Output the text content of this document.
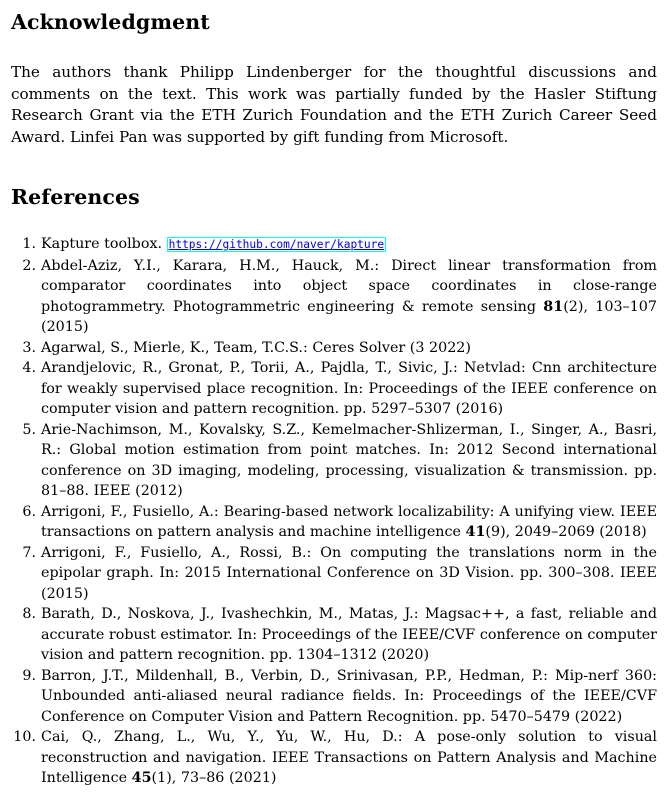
Acknowledgment

The authors thank Philipp Lindenberger for the thoughtful discussions and comments on the text. This work was partially funded by the Hasler Stiftung Research Grant via the ETH Zurich Foundation and the ETH Zurich Career Seed Award. Linfei Pan was supported by gift funding from Microsoft.

References
1. Kapture toolbox. https://github.com/naver/kapture
2. Abdel-Aziz, Y.I., Karara, H.M., Hauck, M.: Direct linear transformation from comparator coordinates into object space coordinates in close-range photogrammetry. Photogrammetric engineering & remote sensing 81(2), 103–107 (2015)
3. Agarwal, S., Mierle, K., Team, T.C.S.: Ceres Solver (3 2022)
4. Arandjelovic, R., Gronat, P., Torii, A., Pajdla, T., Sivic, J.: Netvlad: Cnn architecture for weakly supervised place recognition. In: Proceedings of the IEEE conference on computer vision and pattern recognition. pp. 5297–5307 (2016)
5. Arie-Nachimson, M., Kovalsky, S.Z., Kemelmacher-Shlizerman, I., Singer, A., Basri, R.: Global motion estimation from point matches. In: 2012 Second international conference on 3D imaging, modeling, processing, visualization & transmission. pp. 81–88. IEEE (2012)
6. Arrigoni, F., Fusiello, A.: Bearing-based network localizability: A unifying view. IEEE transactions on pattern analysis and machine intelligence 41(9), 2049–2069 (2018)
7. Arrigoni, F., Fusiello, A., Rossi, B.: On computing the translations norm in the epipolar graph. In: 2015 International Conference on 3D Vision. pp. 300–308. IEEE (2015)
8. Barath, D., Noskova, J., Ivashechkin, M., Matas, J.: Magsac++, a fast, reliable and accurate robust estimator. In: Proceedings of the IEEE/CVF conference on computer vision and pattern recognition. pp. 1304–1312 (2020)
9. Barron, J.T., Mildenhall, B., Verbin, D., Srinivasan, P.P., Hedman, P.: Mip-nerf 360: Unbounded anti-aliased neural radiance fields. In: Proceedings of the IEEE/CVF Conference on Computer Vision and Pattern Recognition. pp. 5470–5479 (2022)
10. Cai, Q., Zhang, L., Wu, Y., Yu, W., Hu, D.: A pose-only solution to visual reconstruction and navigation. IEEE Transactions on Pattern Analysis and Machine Intelligence 45(1), 73–86 (2021)
